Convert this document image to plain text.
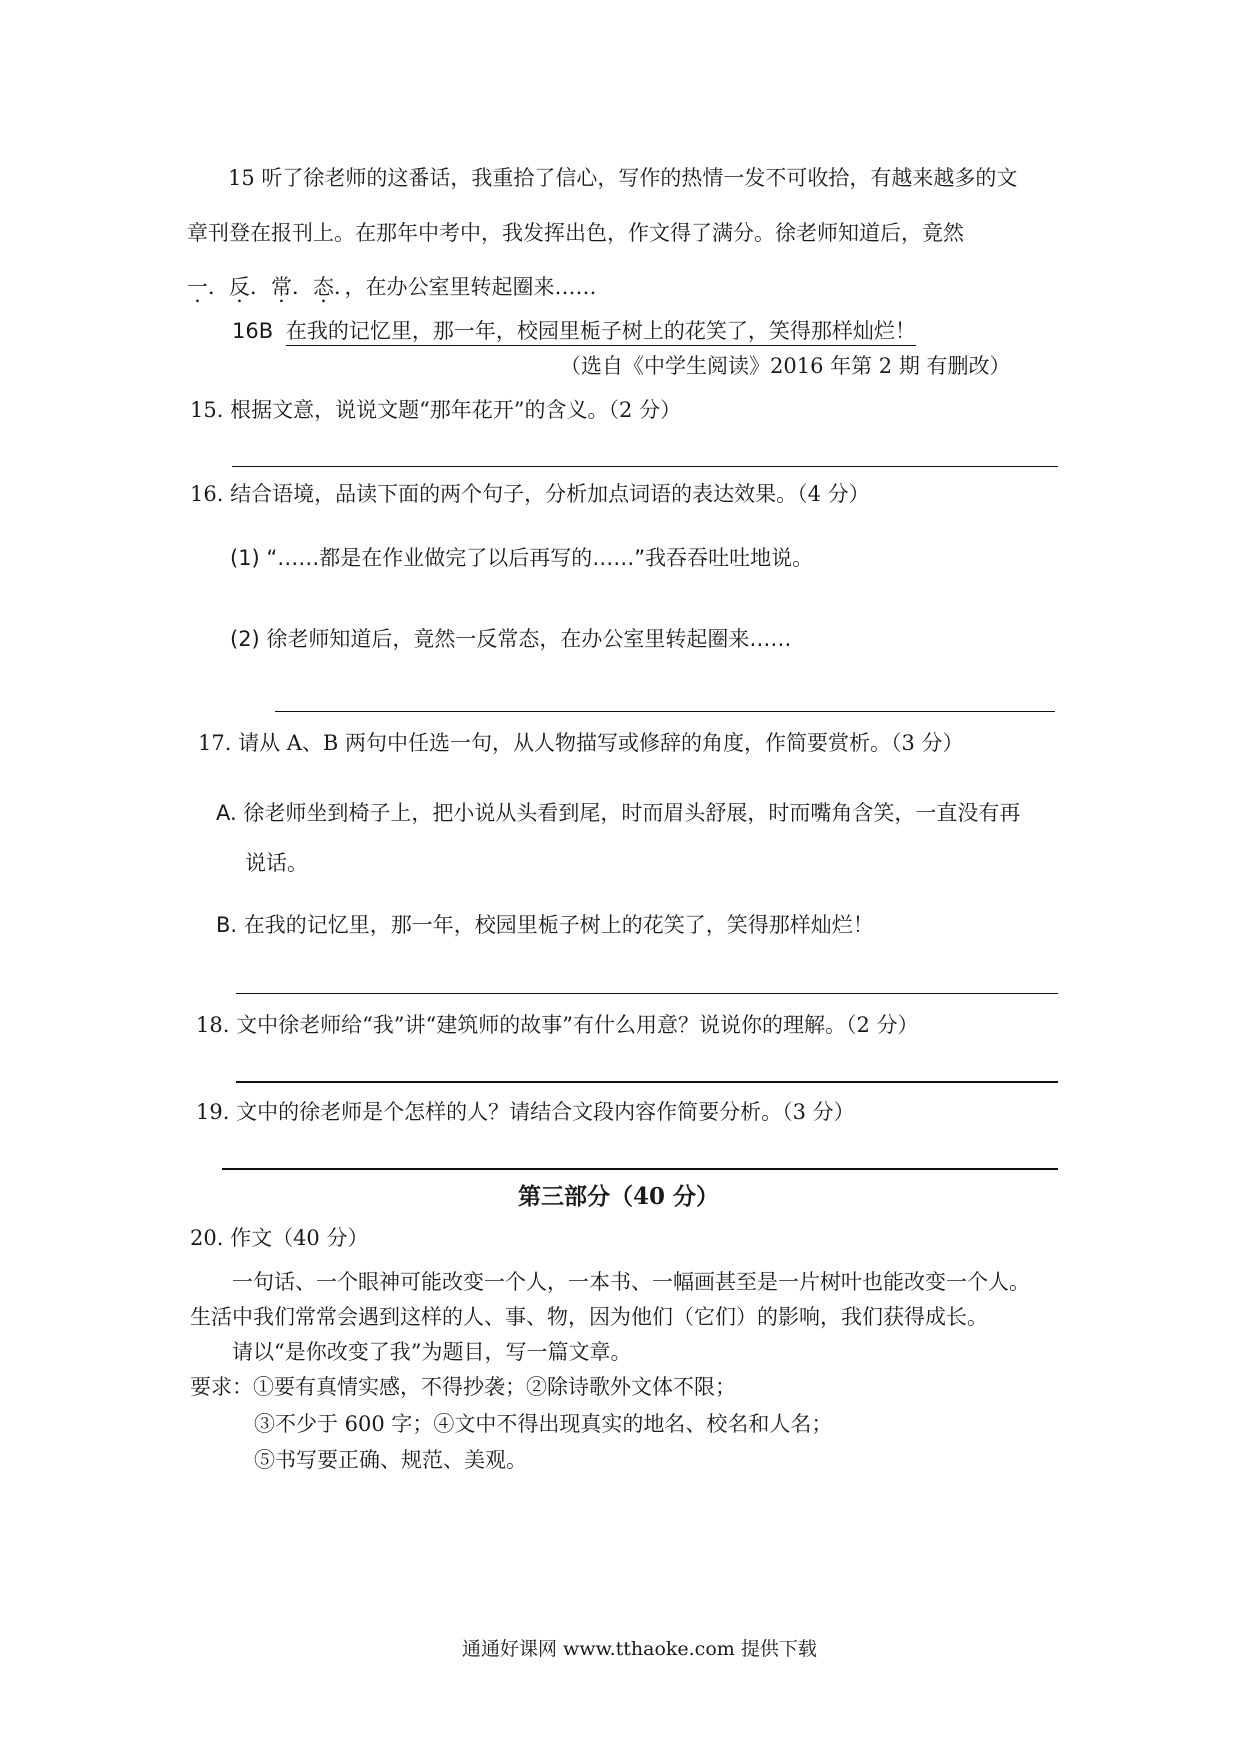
15 听了徐老师的这番话，我重拾了信心，写作的热情一发不可收拾，有越来越多的文
章刊登在报刊上。在那年中考中，我发挥出色，作文得了满分。徐老师知道后，竟然
一．反．常．态．，在办公室里转起圈来……
16B 在我的记忆里，那一年，校园里栀子树上的花笑了，笑得那样灿烂！
（选自《中学生阅读》2016 年第 2 期 有删改）
15. 根据文意，说说文题“那年花开”的含义。（2 分）
16. 结合语境，品读下面的两个句子，分析加点词语的表达效果。（4 分）
(1) “……都是在作业做完了以后再写的……”我吞吞吐吐地说。
(2) 徐老师知道后，竟然一反常态，在办公室里转起圈来……
17. 请从 A、B 两句中任选一句，从人物描写或修辞的角度，作简要赏析。（3 分）
A. 徐老师坐到椅子上，把小说从头看到尾，时而眉头舒展，时而嘴角含笑，一直没有再
说话。
B. 在我的记忆里，那一年，校园里栀子树上的花笑了，笑得那样灿烂！
18. 文中徐老师给“我”讲“建筑师的故事”有什么用意？说说你的理解。（2 分）
19. 文中的徐老师是个怎样的人？请结合文段内容作简要分析。（3 分）
第三部分（40 分）
20. 作文（40 分）
一句话、一个眼神可能改变一个人，一本书、一幅画甚至是一片树叶也能改变一个人。
生活中我们常常会遇到这样的人、事、物，因为他们（它们）的影响，我们获得成长。
请以“是你改变了我”为题目，写一篇文章。
要求：①要有真情实感，不得抄袭；②除诗歌外文体不限；
③不少于 600 字；④文中不得出现真实的地名、校名和人名；
⑤书写要正确、规范、美观。
通通好课网 www.tthaoke.com 提供下载
